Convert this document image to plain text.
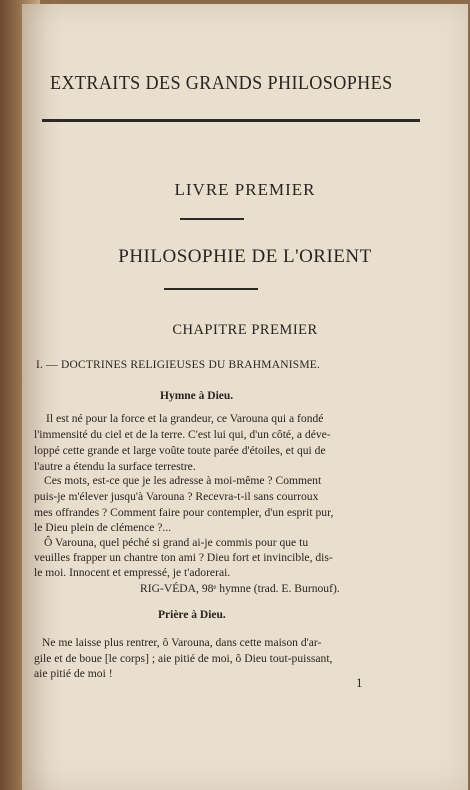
EXTRAITS DES GRANDS PHILOSOPHES

LIVRE PREMIER

PHILOSOPHIE DE L'ORIENT

CHAPITRE PREMIER

I. — DOCTRINES RELIGIEUSES DU BRAHMANISME.

Hymne à Dieu.

Il est né pour la force et la grandeur, ce Varouna qui a fondé

l'immensité du ciel et de la terre. C'est lui qui, d'un côté, a déve-

loppé cette grande et large voûte toute parée d'étoiles, et qui de

l'autre a étendu la surface terrestre.

Ces mots, est-ce que je les adresse à moi-même ? Comment

puis-je m'élever jusqu'à Varouna ? Recevra-t-il sans courroux

mes offrandes ? Comment faire pour contempler, d'un esprit pur,

le Dieu plein de clémence ?...

Ô Varouna, quel péché si grand ai-je commis pour que tu

veuilles frapper un chantre ton ami ? Dieu fort et invincible, dis-

le moi. Innocent et empressé, je t'adorerai.

RIG-VÉDA, 98ᵉ hymne (trad. E. Burnouf).

Prière à Dieu.

Ne me laisse plus rentrer, ô Varouna, dans cette maison d'ar-

gile et de boue [le corps] ; aie pitié de moi, ô Dieu tout-puissant,

aie pitié de moi !

1
